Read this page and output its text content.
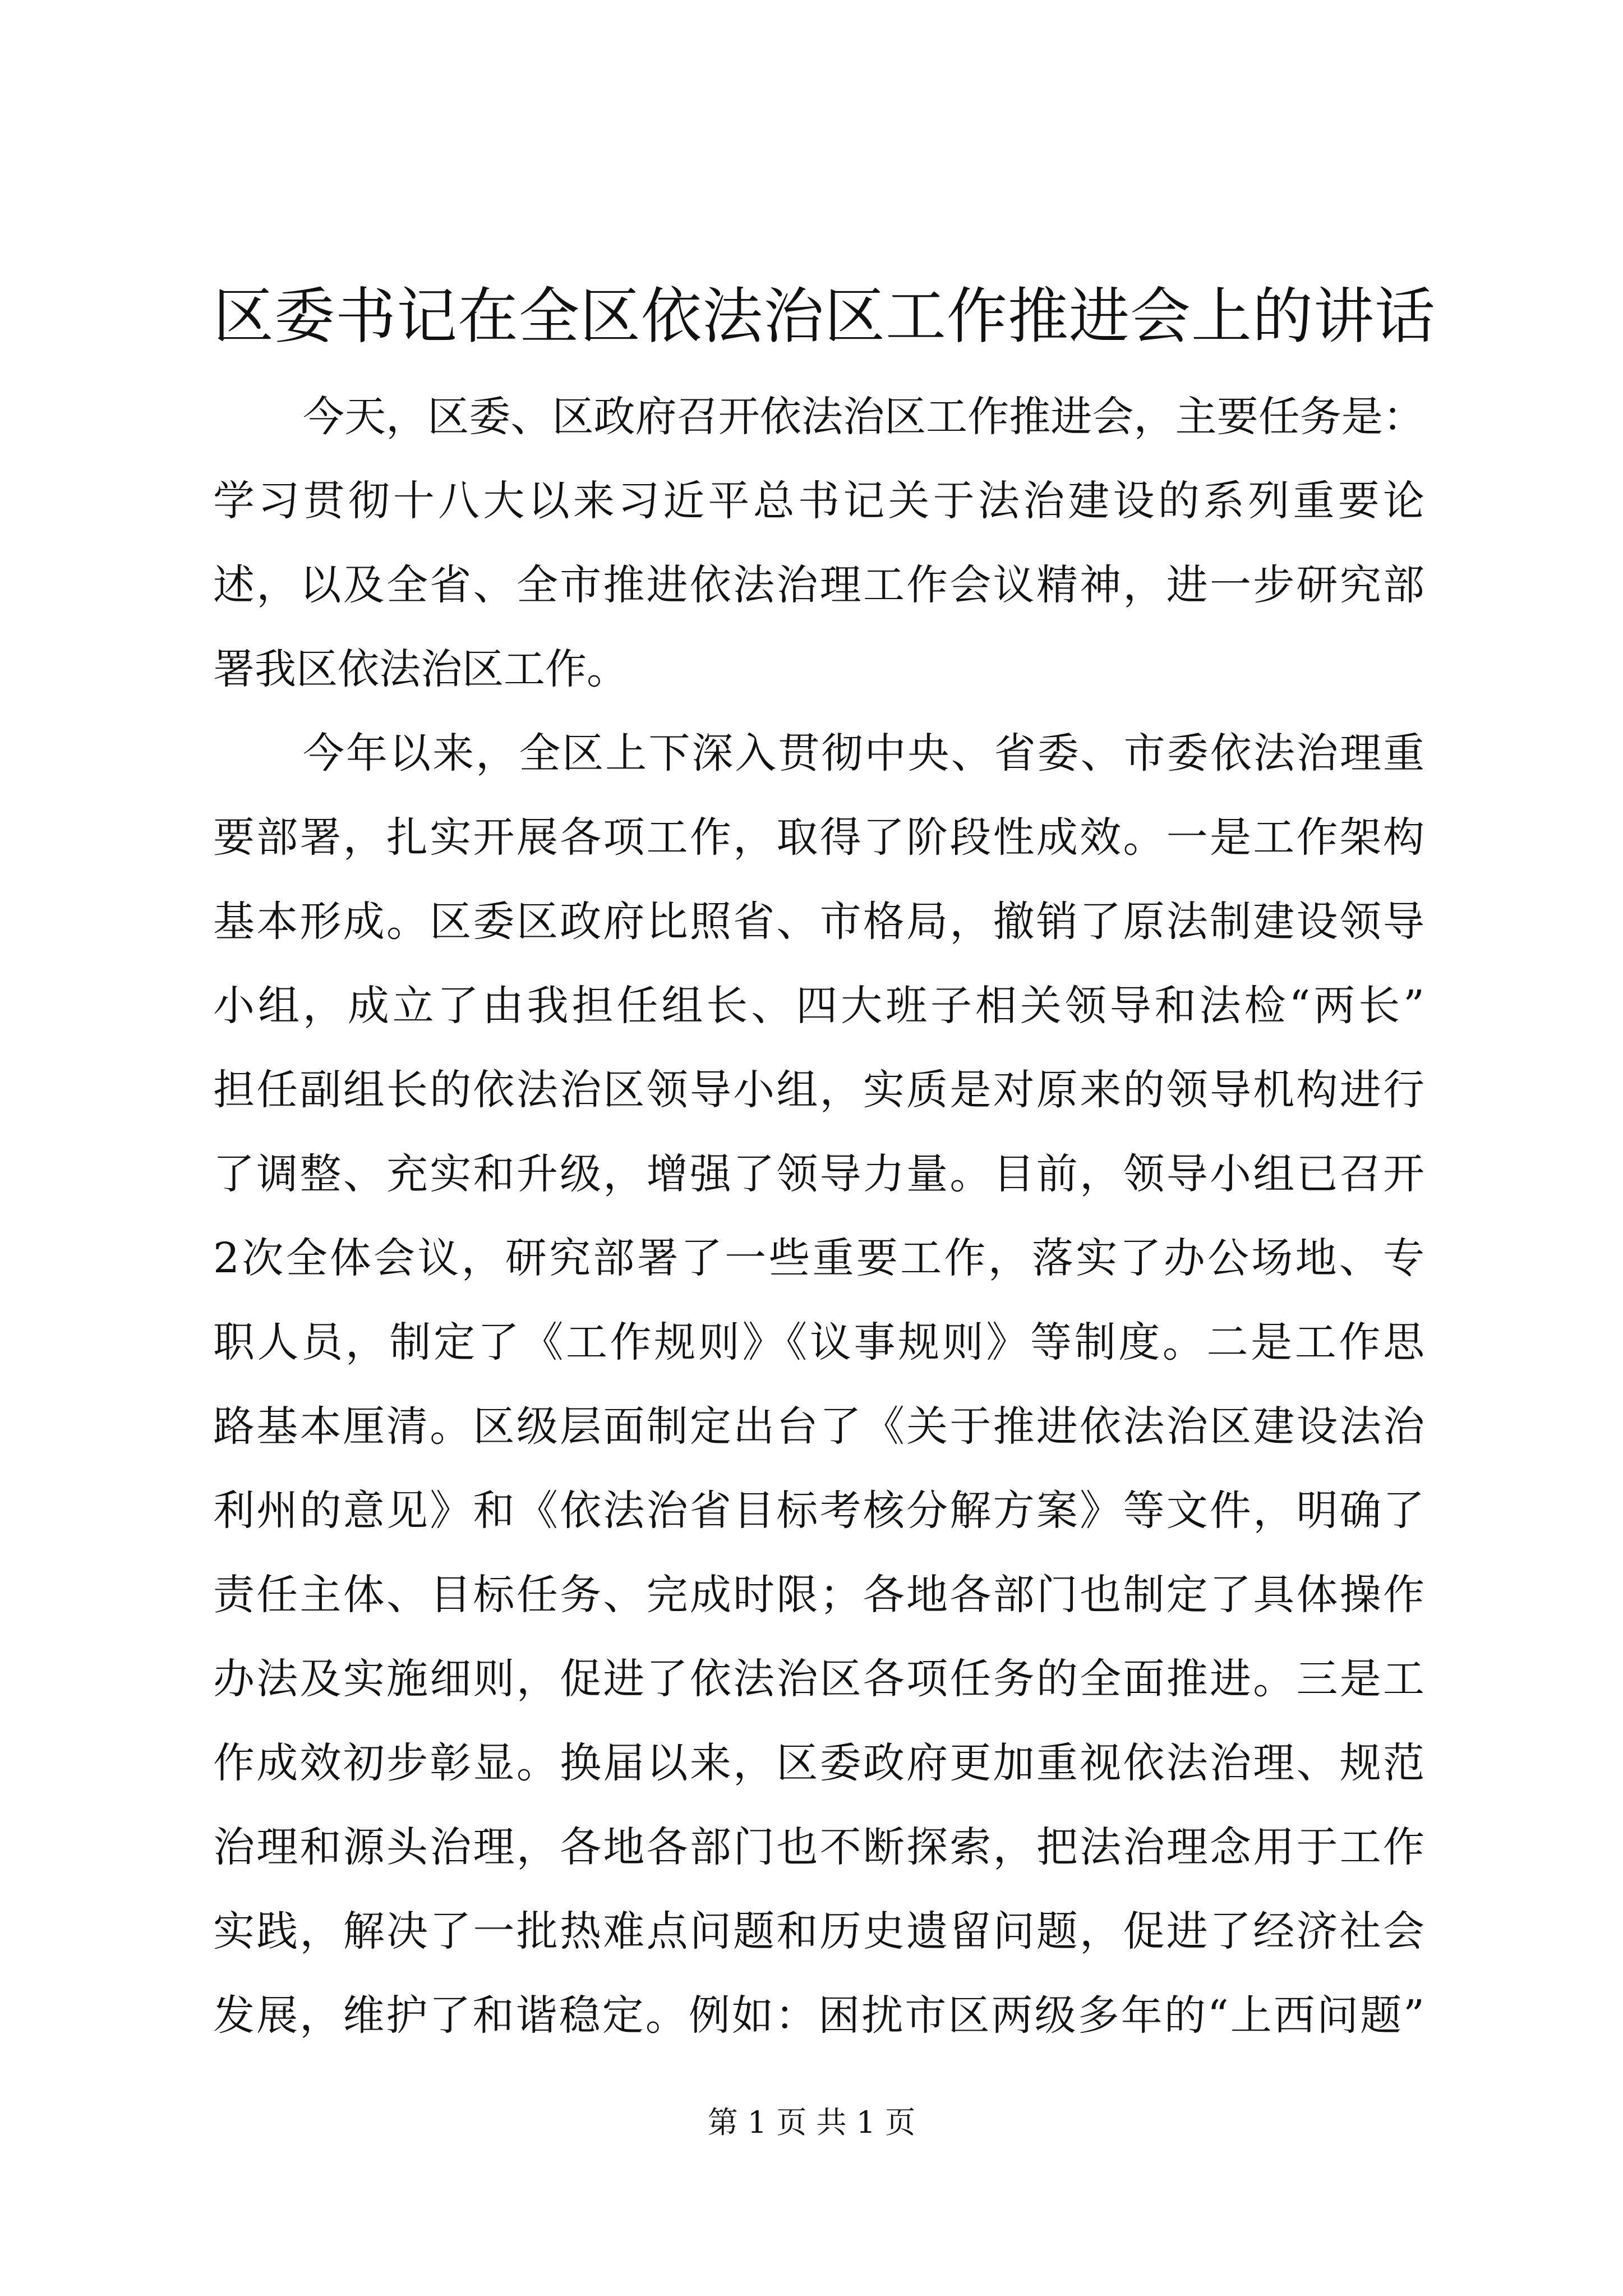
区委书记在全区依法治区工作推进会上的讲话
今天，区委、区政府召开依法治区工作推进会，主要任务是：
学习贯彻十八大以来习近平总书记关于法治建设的系列重要论
述，以及全省、全市推进依法治理工作会议精神，进一步研究部
署我区依法治区工作。
今年以来，全区上下深入贯彻中央、省委、市委依法治理重
要部署，扎实开展各项工作，取得了阶段性成效。一是工作架构
基本形成。区委区政府比照省、市格局，撤销了原法制建设领导
小组，成立了由我担任组长、四大班子相关领导和法检“两长”
担任副组长的依法治区领导小组，实质是对原来的领导机构进行
了调整、充实和升级，增强了领导力量。目前，领导小组已召开
2次全体会议，研究部署了一些重要工作，落实了办公场地、专
职人员，制定了《工作规则》《议事规则》等制度。二是工作思
路基本厘清。区级层面制定出台了《关于推进依法治区建设法治
利州的意见》和《依法治省目标考核分解方案》等文件，明确了
责任主体、目标任务、完成时限；各地各部门也制定了具体操作
办法及实施细则，促进了依法治区各项任务的全面推进。三是工
作成效初步彰显。换届以来，区委政府更加重视依法治理、规范
治理和源头治理，各地各部门也不断探索，把法治理念用于工作
实践，解决了一批热难点问题和历史遗留问题，促进了经济社会
发展，维护了和谐稳定。例如：困扰市区两级多年的“上西问题”
第 1 页 共 1 页
